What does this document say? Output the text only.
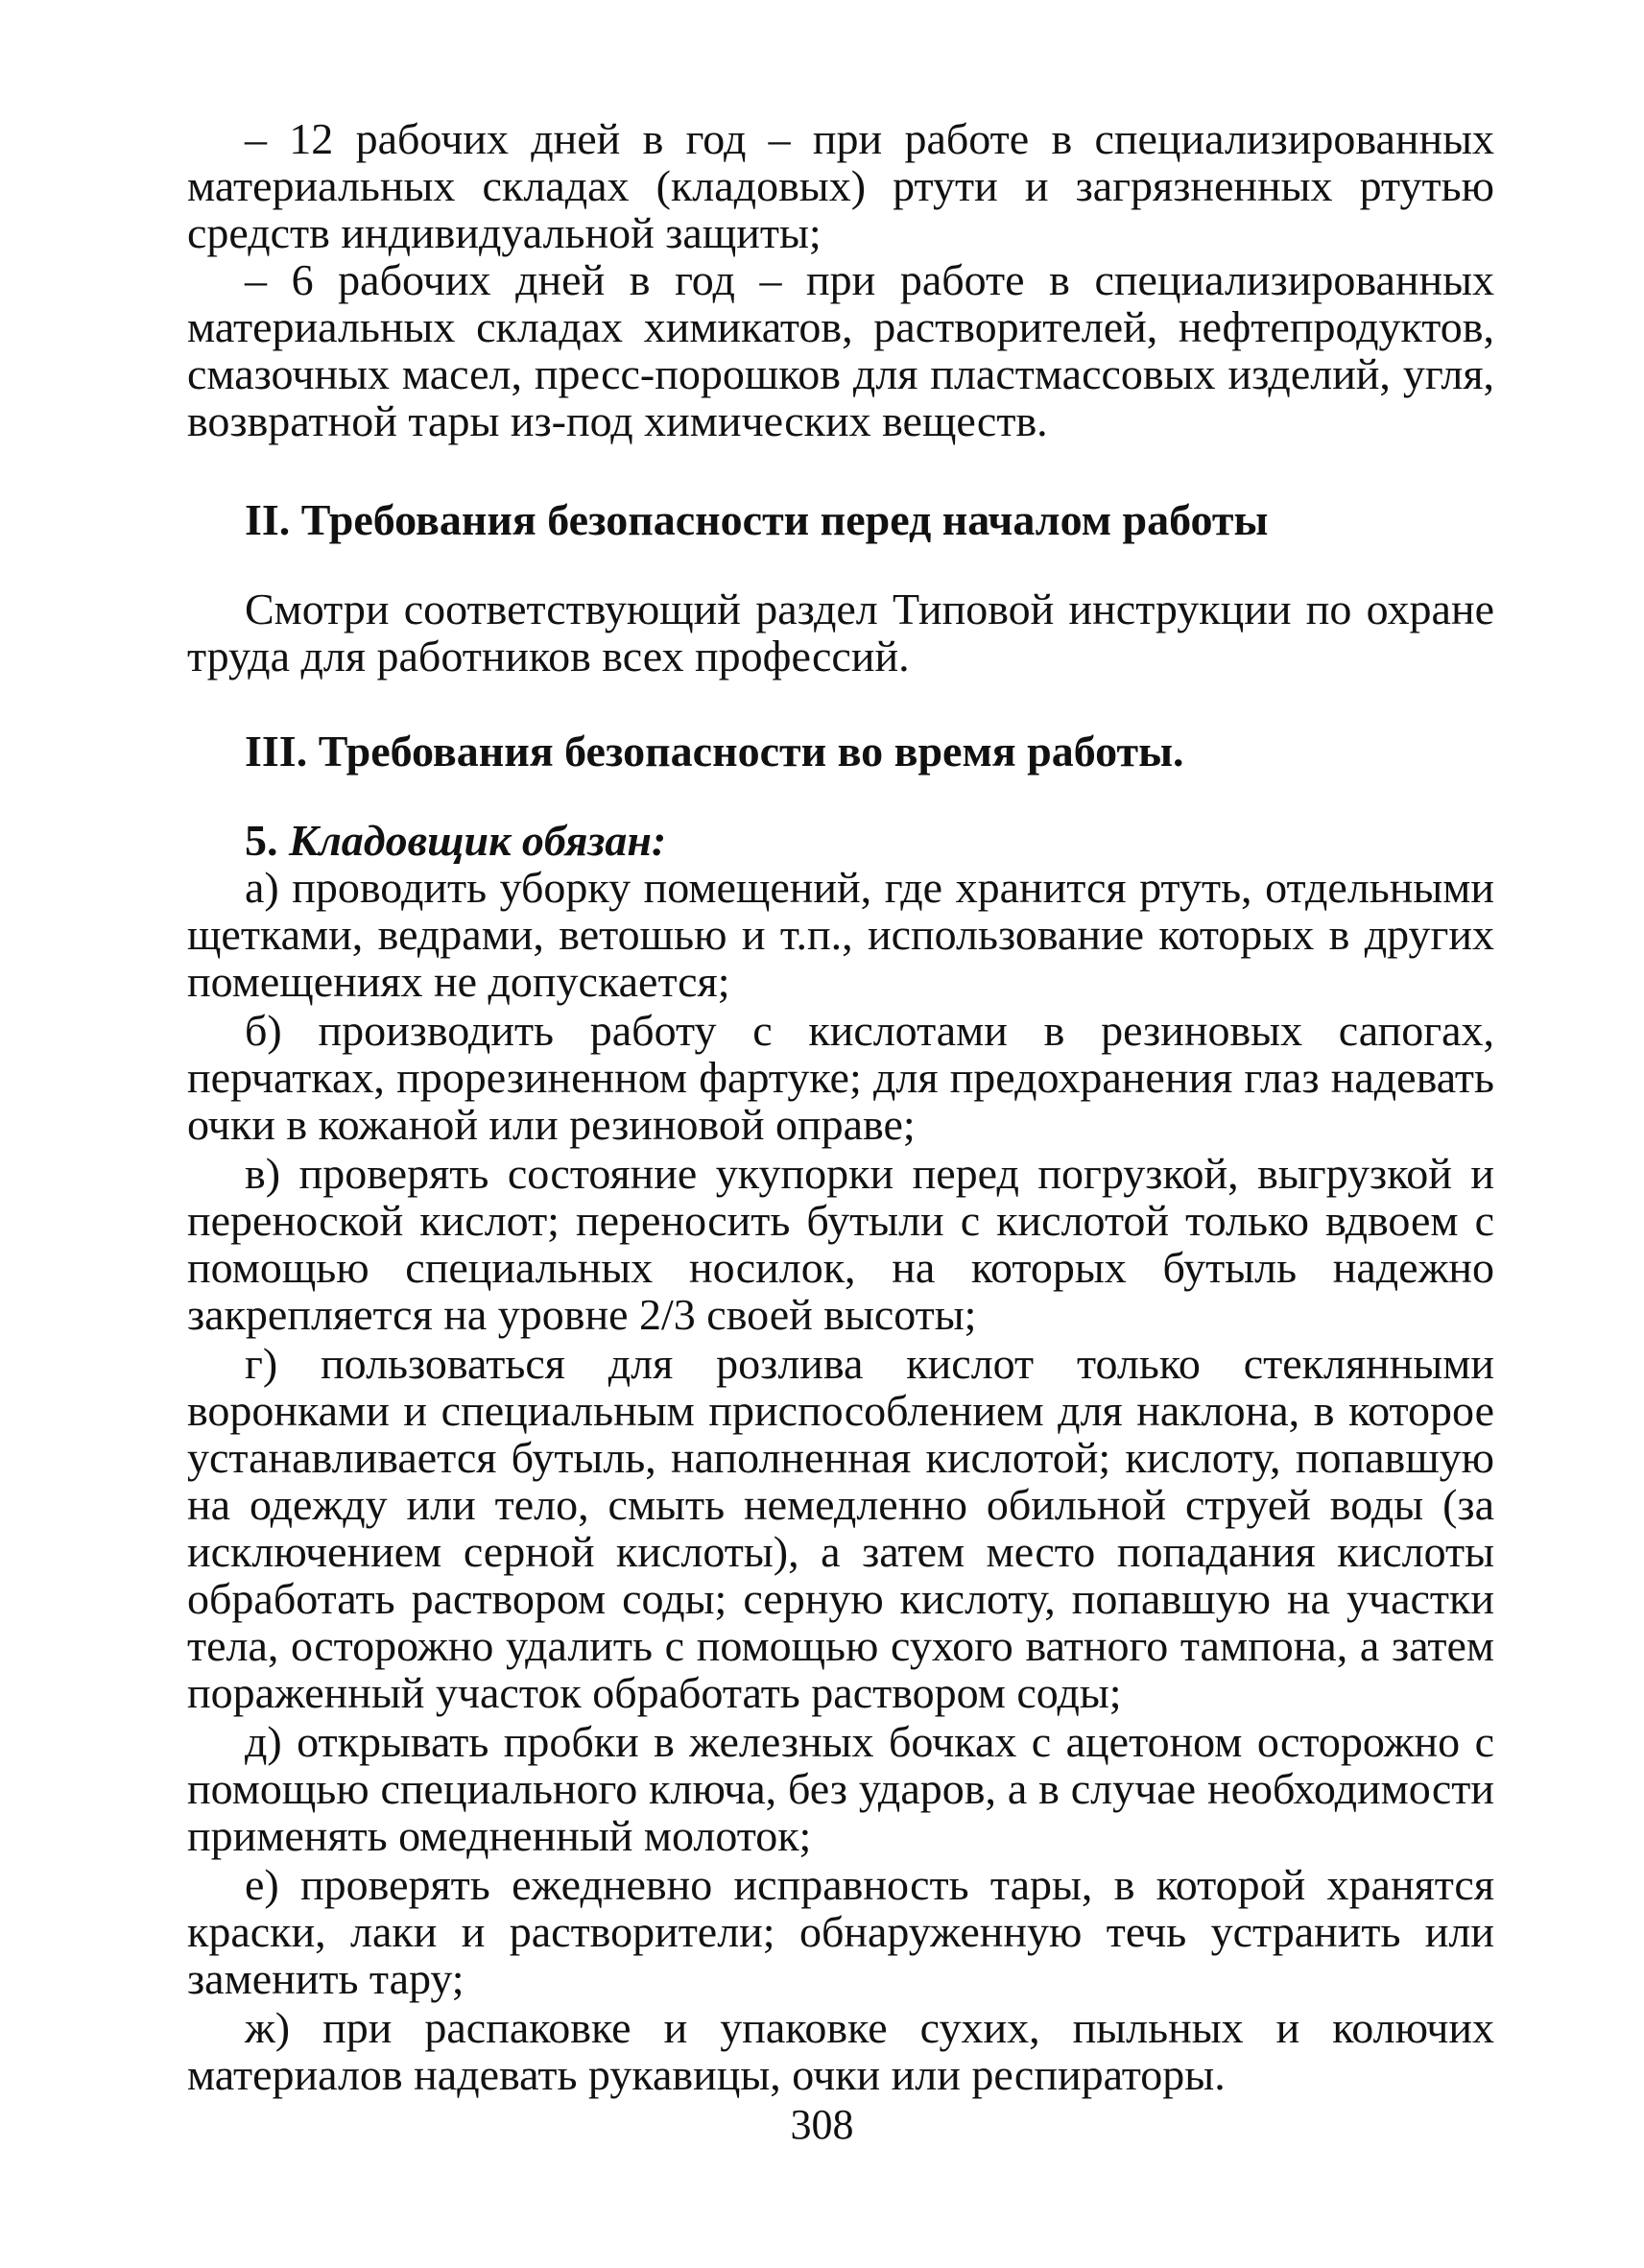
– 12 рабочих дней в год – при работе в специализированных материальных складах (кладовых) ртути и загрязненных ртутью средств индивидуальной защиты;

– 6 рабочих дней в год – при работе в специализированных материальных складах химикатов, растворителей, нефтепродуктов, смазочных масел, пресс-порошков для пластмассовых изделий, угля, возвратной тары из-под химических веществ.

II. Требования безопасности перед началом работы

Смотри соответствующий раздел Типовой инструкции по охране труда для работников всех профессий.

III. Требования безопасности во время работы.

5. Кладовщик обязан:

а) проводить уборку помещений, где хранится ртуть, отдельными щетками, ведрами, ветошью и т.п., использование которых в других помещениях не допускается;

б) производить работу с кислотами в резиновых сапогах, перчатках, прорезиненном фартуке; для предохранения глаз надевать очки в кожаной или резиновой оправе;

в) проверять состояние укупорки перед погрузкой, выгрузкой и переноской кислот; переносить бутыли с кислотой только вдвоем с помощью специальных носилок, на которых бутыль надежно закрепляется на уровне 2/3 своей высоты;

г) пользоваться для розлива кислот только стеклянными воронками и специальным приспособлением для наклона, в которое устанавливается бутыль, наполненная кислотой; кислоту, попавшую на одежду или тело, смыть немедленно обильной струей воды (за исключением серной кислоты), а затем место попадания кислоты обработать раствором соды; серную кислоту, попавшую на участки тела, осторожно удалить с помощью сухого ватного тампона, а затем пораженный участок обработать раствором соды;

д) открывать пробки в железных бочках с ацетоном осторожно с помощью специального ключа, без ударов, а в случае необходимости применять омедненный молоток;

е) проверять ежедневно исправность тары, в которой хранятся краски, лаки и растворители; обнаруженную течь устранить или заменить тару;

ж) при распаковке и упаковке сухих, пыльных и колючих материалов надевать рукавицы, очки или респираторы.

308
